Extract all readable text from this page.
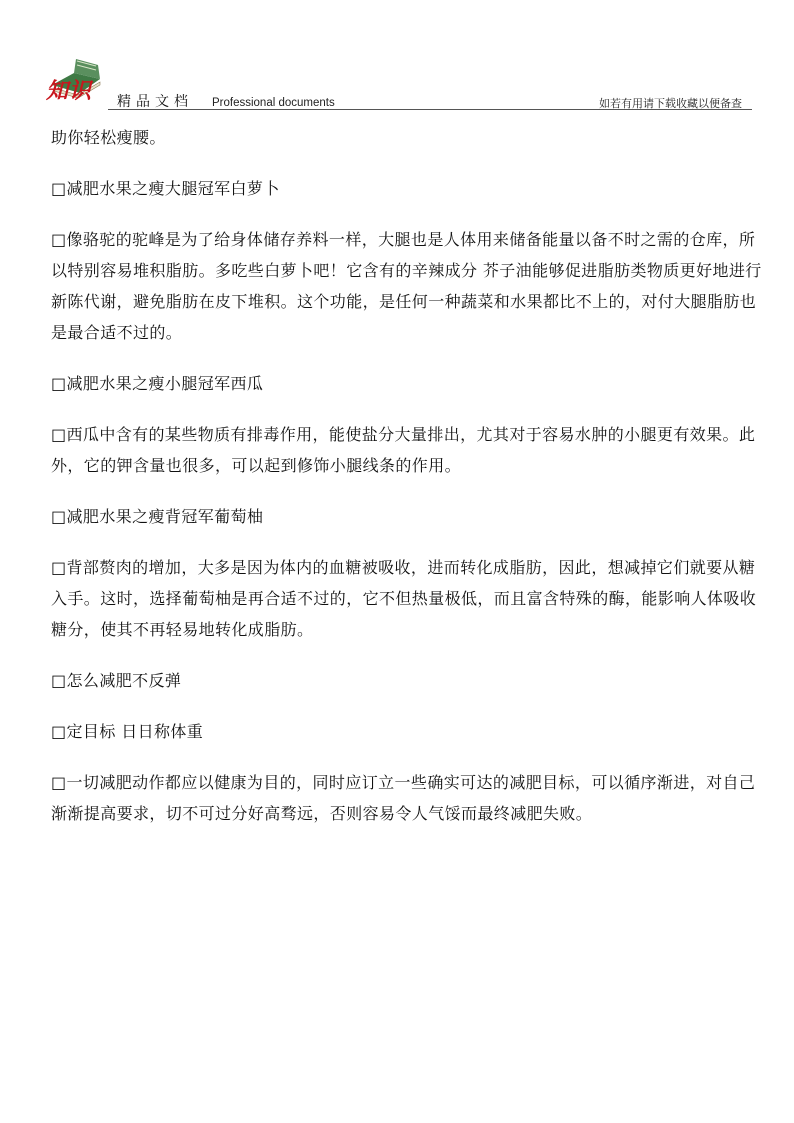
知识 精品文档 Professional documents	如若有用请下载收藏以便备查

助你轻松瘦腰。

□减肥水果之瘦大腿冠军白萝卜

□像骆驼的驼峰是为了给身体储存养料一样，大腿也是人体用来储备能量以备不时之需的仓库，所以特别容易堆积脂肪。多吃些白萝卜吧！它含有的辛辣成分 芥子油能够促进脂肪类物质更好地进行新陈代谢，避免脂肪在皮下堆积。这个功能，是任何一种蔬菜和水果都比不上的，对付大腿脂肪也是最合适不过的。

□减肥水果之瘦小腿冠军西瓜

□西瓜中含有的某些物质有排毒作用，能使盐分大量排出，尤其对于容易水肿的小腿更有效果。此外，它的钾含量也很多，可以起到修饰小腿线条的作用。

□减肥水果之瘦背冠军葡萄柚

□背部赘肉的增加，大多是因为体内的血糖被吸收，进而转化成脂肪，因此，想减掉它们就要从糖入手。这时，选择葡萄柚是再合适不过的，它不但热量极低，而且富含特殊的酶，能影响人体吸收糖分，使其不再轻易地转化成脂肪。

□怎么减肥不反弹

□定目标 日日称体重

□一切减肥动作都应以健康为目的，同时应订立一些确实可达的减肥目标，可以循序渐进，对自己渐渐提高要求，切不可过分好高骛远，否则容易令人气馁而最终减肥失败。
